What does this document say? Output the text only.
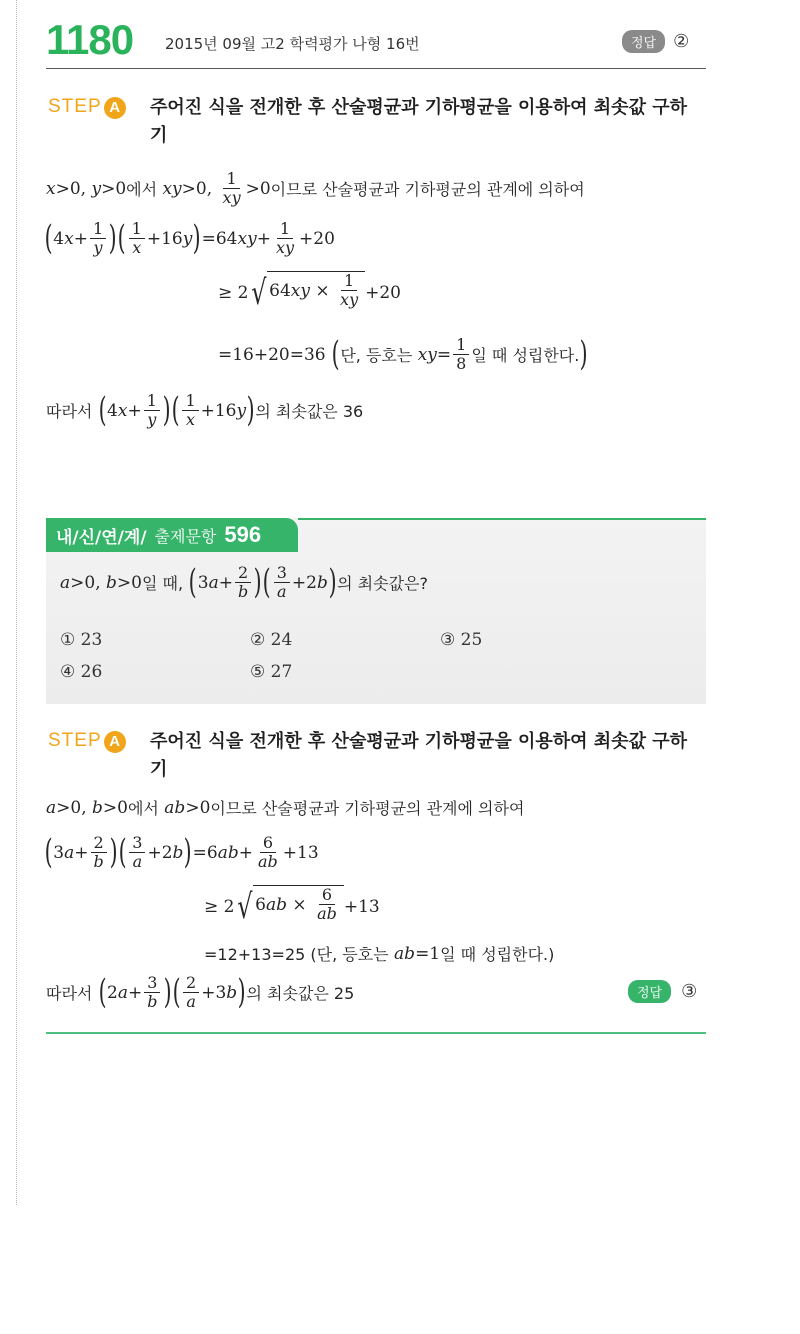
1180 2015년 09월 고2 학력평가 나형 16번	정답 ②
STEP A	주어진 식을 전개한 후 산술평균과 기하평균을 이용하여 최솟값 구하기
x >0, y >0 에서
xy >0, $\frac{1}{xy} >0$ 이므로 산술평균과 기하평균의 관계에 의하여
( 4 $x + \frac{1}{y}$ ) ( $\frac{1}{x} +16$ y ) =64 xy + $\frac{1}{xy} +20$
≥ 2 √ 64 xy × $\frac{1}{xy} +20$
=16+20=36 ( 단, 등호는
xy = $\frac{1}{8}$ 일 때 성립한다. )
따라서
( 4 $x + \frac{1}{y}$ ) ( $\frac{1}{x} +16$ y ) 의 최솟값은 36
내/신/연/계/ 출제문항 596
a >0, b >0 일 때,
( 3 $a + \frac{2}{b}$ ) ( $\frac{3}{a} +2$ b ) 의 최솟값은?
① 23	② 24	③ 25
④ 26	⑤ 27
STEP A	주어진 식을 전개한 후 산술평균과 기하평균을 이용하여 최솟값 구하기
a >0, b >0 에서
ab >0 이므로 산술평균과 기하평균의 관계에 의하여
( 3 $a + \frac{2}{b}$ ) ( $\frac{3}{a} +2$ b ) =6 ab + $\frac{6}{ab} +13$
≥ 2 √ 6 ab × $\frac{6}{ab} +13$
=12+13=25 (단, 등호는
ab =1 일 때 성립한다.)
따라서
( 2 $a + \frac{3}{b}$ ) ( $\frac{2}{a} +3$ b ) 의 최솟값은 25	정답	③
